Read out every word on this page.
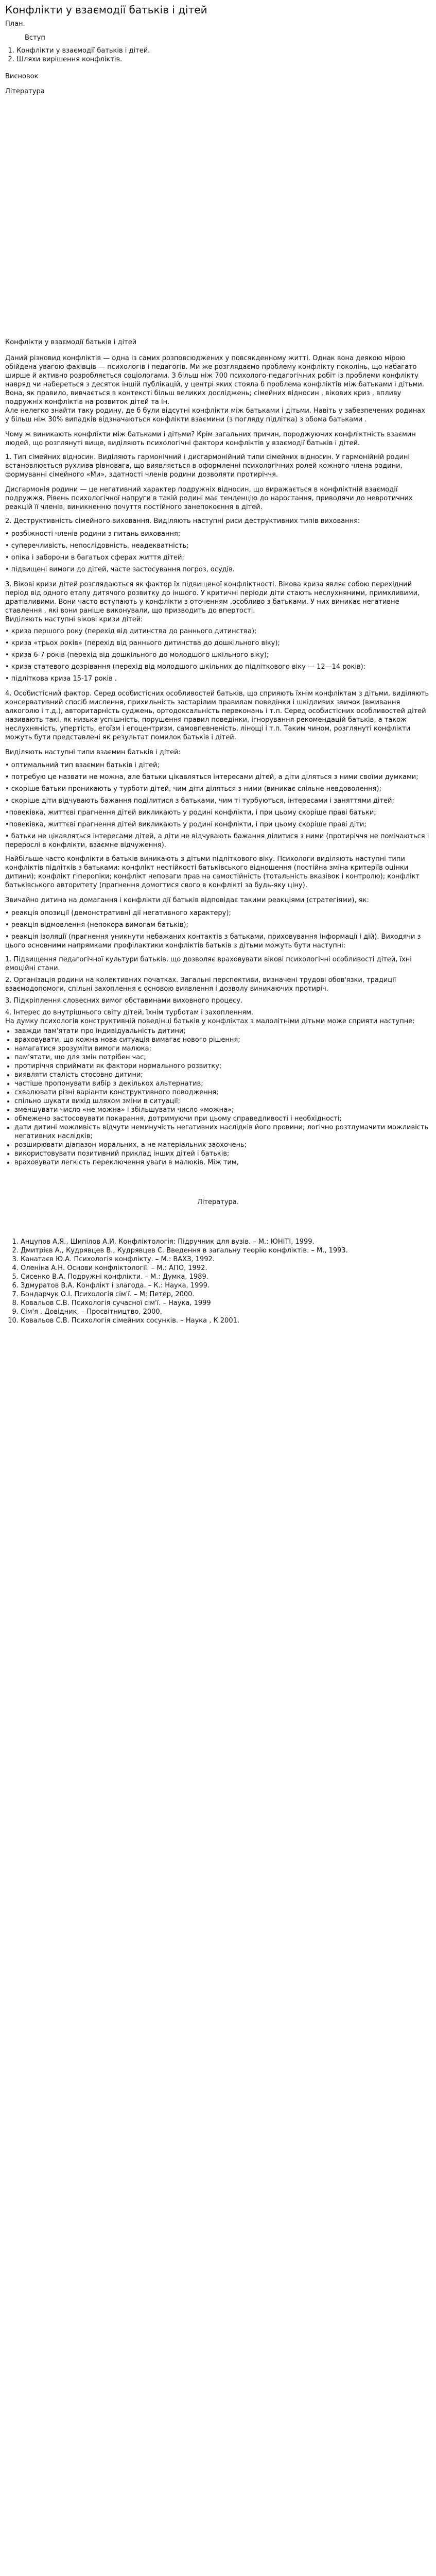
Конфлікти у взаємодії батьків і дітей

План.

Вступ

1. Конфлікти у взаємодії батьків і дітей.
2. Шляхи вирішення конфліктів.

Висновок

Література

Конфлікти у взаємодії батьків і дітей

Даний різновид конфліктів — одна із самих розповсюджених у повсякденному житті. Однак вона деякою мірою обійдена увагою фахівців — психологів і педагогів. Ми же розглядаємо проблему конфлікту поколінь, що набагато ширше й активно розробляється соціологами. З більш ніж 700 психолого-педагогічних робіт із проблеми конфлікту навряд чи набереться з десяток іншій публікацій, у центрі яких стояла б проблема конфліктів між батьками і дітьми. Вона, як правило, вивчається в контексті більш великих досліджень; сімейних відносин , вікових криз , впливу подружніх конфліктів на розвиток дітей та ін.

Але нелегко знайти таку родину, де б були відсутні конфлікти між батьками і дітьми. Навіть у забезпечених родинах у більш ніж 30% випадків відзначаються конфлікти взаємини (з погляду підлітка) з обома батьками .

Чому ж виникають конфлікти між батьками і дітьми? Крім загальних причин, породжуючих конфліктність взаємин людей, що розглянуті вище, виділяють психологічні фактори конфліктів у взаємодії батьків і дітей.

1. Тип сімейних відносин. Виділяють гармонічний і дисгармонійний типи сімейних відносин. У гармонійній родині встановлюється рухлива рівновага, що виявляється в оформленні психологічних ролей кожного члена родини, формуванні сімейного «Ми», здатності членів родини дозволяти протиріччя.

Дисгармонія родини — це негативний характер подружніх відносин, що виражається в конфліктній взаємодії подружжя. Рівень психологічної напруги в такій родині має тенденцію до наростання, приводячи до невротичних реакцій її членів, виникненню почуття постійного занепокоєння в дітей.

2. Деструктивність сімейного виховання. Виділяють наступні риси деструктивних типів виховання:

• розбіжності членів родини з питань виховання;

• суперечливість, непослідовність, неадекватність;

• опіка і заборони в багатьох сферах життя дітей;

• підвищені вимоги до дітей, часте застосування погроз, осудів.

3. Вікові кризи дітей розглядаються як фактор їх підвищеної конфліктності. Вікова криза являє собою перехідний період від одного етапу дитячого розвитку до іншого. У критичні періоди діти стають неслухняними, примхливими, дратівливими. Вони часто вступають у конфлікти з оточенням ,особливо з батьками. У них виникає негативне ставлення , які вони раніше виконували, що призводить до впертості.

Виділяють наступні вікові кризи дітей:

• криза першого року (перехід від дитинства до раннього дитинства);

• криза «трьох років» (перехід від раннього дитинства до дошкільного віку);

• криза 6-7 років (перехід від дошкільного до молодшого шкільного віку);

• криза статевого дозрівання (перехід від молодшого шкільних до підліткового віку — 12—14 років):

• підліткова криза 15-17 років .

4. Особистісний фактор. Серед особистісних особливостей батьків, що сприяють їхнім конфліктам з дітьми, виділяють консервативний спосіб мислення, прихильність застарілим правилам поведінки і шкідливих звичок (вживання алкоголю і т.д.), авторитарність суджень, ортодоксальність переконань і т.п. Серед особистісних особливостей дітей називають такі, як низька успішність, порушення правил поведінки, ігнорування рекомендацій батьків, а також неслухняність, упертість, егоїзм і егоцентризм, самовпевненість, лінощі і т.п. Таким чином, розглянуті конфлікти можуть бути представлені як результат помилок батьків і дітей.

Виділяють наступні типи взаємин батьків і дітей:

• оптимальний тип взаємин батьків і дітей;

• потребую це назвати не можна, але батьки цікавляться інтересами дітей, а діти діляться з ними своїми думками;

• скоріше батьки проникають у турботи дітей, чим діти діляться з ними (виникає слільне невдоволення);

• скоріше діти відчувають бажання поділитися з батьками, чим ті турбуються, інтересами і заняттями дітей;

•повеківка, життєві прагнення дітей викликають у родині конфлікти, і при цьому скоріше праві батьки;

•повеківка, життєві прагнення дітей викликають у родині конфлікти, і при цьому скоріше праві діти;

• батьки не цікавляться інтересами дітей, а діти не відчувають бажання ділитися з ними (протиріччя не помічаються і перерослі в конфлікти, взаємне відчуження).

Найбільше часто конфлікти в батьків виникають з дітьми підліткового віку. Психологи виділяють наступні типи конфліктів підлітків з батьками: конфлікт нестійкості батьківського відношення (постійна зміна критеріїв оцінки дитини); конфлікт гіперопіки; конфлікт неповаги прав на самостійність (тотальність вказівок і контролю); конфлікт батьківського авторитету (прагнення домогтися свого в конфлікті за будь-яку ціну).

Звичайно дитина на домагання і конфлікти дії батьків відповідає такими реакціями (стратегіями), як:

• реакція опозиції (демонстративні дії негативного характеру);

• реакція відмовлення (непокора вимогам батьків);

• реакція ізоляції (прагнення уникнути небажаних контактів з батьками, приховування інформації і дій). Виходячи з цього основними напрямками профілактики конфліктів батьків з дітьми можуть бути наступні:

1. Підвищення педагогічної культури батьків, що дозволяє враховувати вікові психологічні особливості дітей, їхні емоційні стани.

2. Організація родини на колективних початках. Загальні перспективи, визначені трудові обов'язки, традиції взаємодопомоги, спільні захоплення є основою виявлення і дозволу виникаючих протиріч.

3. Підкріплення словесних вимог обставинами виховного процесу.

4. Інтерес до внутрішнього світу дітей, їхнім турботам і захопленням.

На думку психологів конструктивній поведінці батьків у конфліктах з малолітніми дітьми може сприяти наступне:

• завжди пам'ятати про індивідуальність дитини;
• враховувати, що кожна нова ситуація вимагає нового рішення;
• намагатися зрозуміти вимоги малюка;
• пам'ятати, що для змін потрібен час;
• протиріччя сприймати як фактори нормального розвитку;
• виявляти сталість стосовно дитини;
• частіше пропонувати вибір з декількох альтернатив;
• схвалювати різні варіанти конструктивного поводження;
• спільно шукати вихід шляхом зміни в ситуації;
• зменшувати число «не можна» і збільшувати число «можна»;
• обмежено застосовувати покарання, дотримуючи при цьому справедливості і необхідності;
• дати дитині можливість відчути неминучість негативних наслідків його провини; логічно розтлумачити можливість негативних наслідків;
• розширювати діапазон моральних, а не матеріальних заохочень;
• використовувати позитивний приклад інших дітей і батьків;
• враховувати легкість переключення уваги в малюків. Між тим,

Література.

1. Анцупов А.Я., Шипілов А.И. Конфліктологія: Підручник для вузів. – М.: ЮНІТІ, 1999.
2. Дмитрієв А., Кудрявцев В., Кудрявцев С. Введення в загальну теорію конфліктів. – М., 1993.
3. Канатаєв Ю.А. Психологія конфлікту. – М.: ВАХЗ, 1992.
4. Оленіна А.Н. Основи конфліктології. – М.: АПО, 1992.
5. Сисенко В.А. Подружні конфлікти. – М.: Думка, 1989.
6. Здмуратов В.А. Конфлікт і злагода. – К.: Наука, 1999.
7. Бондарчук О.І. Психологія сім'ї. – М: Петер, 2000.
8. Ковальов С.В. Психологія сучасної сім'ї. – Наука, 1999
9. Сім'я . Довідник. – Просвітництво, 2000.
10. Ковальов С.В. Психологія сімейних сосунків. – Наука , К 2001.
